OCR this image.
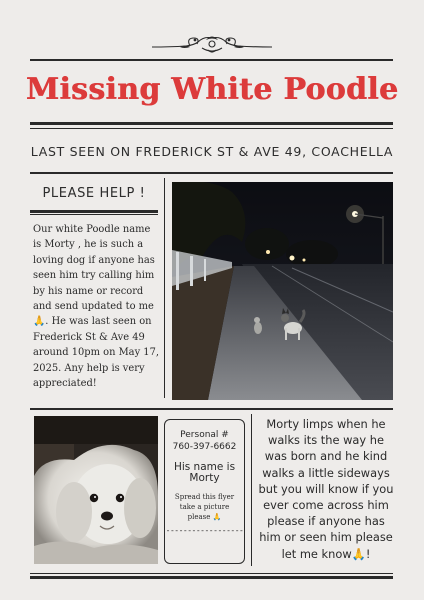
Missing White Poodle
LAST SEEN ON FREDERICK ST & AVE 49, COACHELLA
PLEASE HELP !
Our white Poodle name is Morty , he is such a loving dog if anyone has seen him try calling him by his name or record and send updated to me 🙏. He was last seen on Frederick St & Ave 49 around 10pm on May 17, 2025. Any help is very appreciated!
Personal #
760-397-6662
His name is
Morty
Spread this flyer
take a picture
please 🙏
------------------
Morty limps when he walks its the way he was born and he kind walks a little sideways but you will know if you ever come across him please if anyone has him or seen him please let me know🙏!
